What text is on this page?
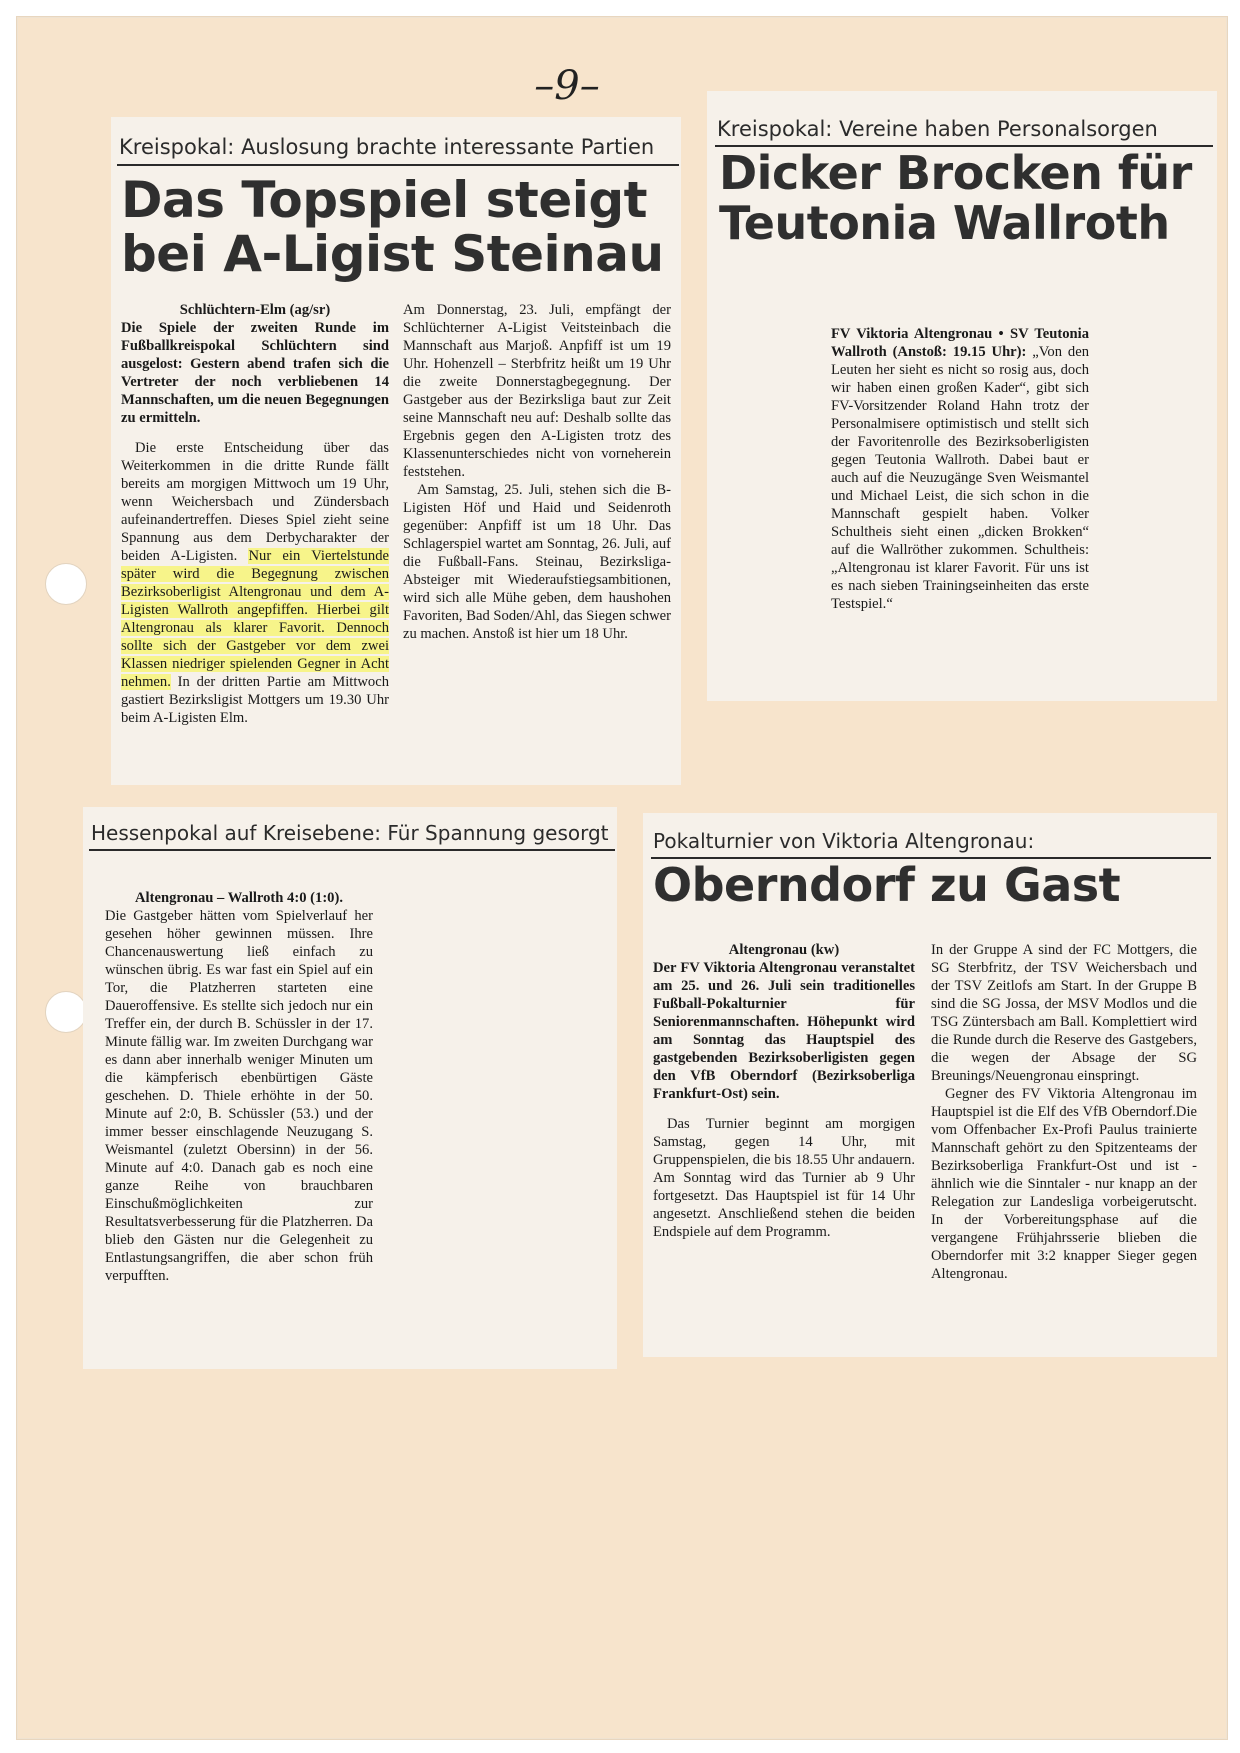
–9–
Kreispokal: Auslosung brachte interessante Partien
Das Topspiel steigt
bei A-Ligist Steinau

Schlüchtern-Elm (ag/sr)

Die Spiele der zweiten Runde im Fußballkreispokal Schlüchtern sind ausgelost: Gestern abend trafen sich die Vertreter der noch verbliebenen 14 Mannschaften, um die neuen Begegnungen zu ermitteln.

Die erste Entscheidung über das Weiterkommen in die dritte Runde fällt bereits am morgigen Mittwoch um 19 Uhr, wenn Weichersbach und Zündersbach aufeinandertreffen. Dieses Spiel zieht seine Spannung aus dem Derbycharakter der beiden A-Ligisten. Nur ein Viertelstunde später wird die Begegnung zwischen Bezirksoberligist Altengronau und dem A-Ligisten Wallroth angepfiffen. Hierbei gilt Altengronau als klarer Favorit. Dennoch sollte sich der Gastgeber vor dem zwei Klassen niedriger spielenden Gegner in Acht nehmen. In der dritten Partie am Mittwoch gastiert Bezirksligist Mottgers um 19.30 Uhr beim A-Ligisten Elm.

Am Donnerstag, 23. Juli, empfängt der Schlüchterner A-Ligist Veitsteinbach die Mannschaft aus Marjoß. Anpfiff ist um 19 Uhr. Hohenzell – Sterbfritz heißt um 19 Uhr die zweite Donnerstagbegegnung. Der Gastgeber aus der Bezirksliga baut zur Zeit seine Mannschaft neu auf: Deshalb sollte das Ergebnis gegen den A-Ligisten trotz des Klassenunterschiedes nicht von vorneherein feststehen.

Am Samstag, 25. Juli, stehen sich die B-Ligisten Höf und Haid und Seidenroth gegenüber: Anpfiff ist um 18 Uhr. Das Schlagerspiel wartet am Sonntag, 26. Juli, auf die Fußball-Fans. Steinau, Bezirksliga-Absteiger mit Wiederaufstiegsambitionen, wird sich alle Mühe geben, dem haushohen Favoriten, Bad Soden/Ahl, das Siegen schwer zu machen. Anstoß ist hier um 18 Uhr.

Kreispokal: Vereine haben Personalsorgen
Dicker Brocken für
Teutonia Wallroth

FV Viktoria Altengronau • SV Teutonia Wallroth (Anstoß: 19.15 Uhr): „Von den Leuten her sieht es nicht so rosig aus, doch wir haben einen großen Kader“, gibt sich FV-Vorsitzender Roland Hahn trotz der Personalmisere optimistisch und stellt sich der Favoritenrolle des Bezirksoberligisten gegen Teutonia Wallroth. Dabei baut er auch auf die Neuzugänge Sven Weismantel und Michael Leist, die sich schon in die Mannschaft gespielt haben. Volker Schultheis sieht einen „dicken Brokken“ auf die Wallröther zukommen. Schultheis: „Altengronau ist klarer Favorit. Für uns ist es nach sieben Trainingseinheiten das erste Testspiel.“

Hessenpokal auf Kreisebene: Für Spannung gesorgt

Altengronau – Wallroth 4:0 (1:0).

Die Gastgeber hätten vom Spielverlauf her gesehen höher gewinnen müssen. Ihre Chancenauswertung ließ einfach zu wünschen übrig. Es war fast ein Spiel auf ein Tor, die Platzherren starteten eine Daueroffensive. Es stellte sich jedoch nur ein Treffer ein, der durch B. Schüssler in der 17. Minute fällig war. Im zweiten Durchgang war es dann aber innerhalb weniger Minuten um die kämpferisch ebenbürtigen Gäste geschehen. D. Thiele erhöhte in der 50. Minute auf 2:0, B. Schüssler (53.) und der immer besser einschlagende Neuzugang S. Weismantel (zuletzt Obersinn) in der 56. Minute auf 4:0. Danach gab es noch eine ganze Reihe von brauchbaren Einschußmöglichkeiten zur Resultatsverbesserung für die Platzherren. Da blieb den Gästen nur die Gelegenheit zu Entlastungsangriffen, die aber schon früh verpufften.

Pokalturnier von Viktoria Altengronau:
Oberndorf zu Gast

Altengronau (kw)

Der FV Viktoria Altengronau veranstaltet am 25. und 26. Juli sein traditionelles Fußball-Pokalturnier für Seniorenmannschaften. Höhepunkt wird am Sonntag das Hauptspiel des gastgebenden Bezirksoberligisten gegen den VfB Oberndorf (Bezirksoberliga Frankfurt-Ost) sein.

Das Turnier beginnt am morgigen Samstag, gegen 14 Uhr, mit Gruppenspielen, die bis 18.55 Uhr andauern. Am Sonntag wird das Turnier ab 9 Uhr fortgesetzt. Das Hauptspiel ist für 14 Uhr angesetzt. Anschließend stehen die beiden Endspiele auf dem Programm.

In der Gruppe A sind der FC Mottgers, die SG Sterbfritz, der TSV Weichersbach und der TSV Zeitlofs am Start. In der Gruppe B sind die SG Jossa, der MSV Modlos und die TSG Züntersbach am Ball. Komplettiert wird die Runde durch die Reserve des Gastgebers, die wegen der Absage der SG Breunings/Neuengronau einspringt.

Gegner des FV Viktoria Altengronau im Hauptspiel ist die Elf des VfB Oberndorf.Die vom Offenbacher Ex-Profi Paulus trainierte Mannschaft gehört zu den Spitzenteams der Bezirksoberliga Frankfurt-Ost und ist - ähnlich wie die Sinntaler - nur knapp an der Relegation zur Landesliga vorbeigerutscht. In der Vorbereitungsphase auf die vergangene Frühjahrsserie blieben die Oberndorfer mit 3:2 knapper Sieger gegen Altengronau.
